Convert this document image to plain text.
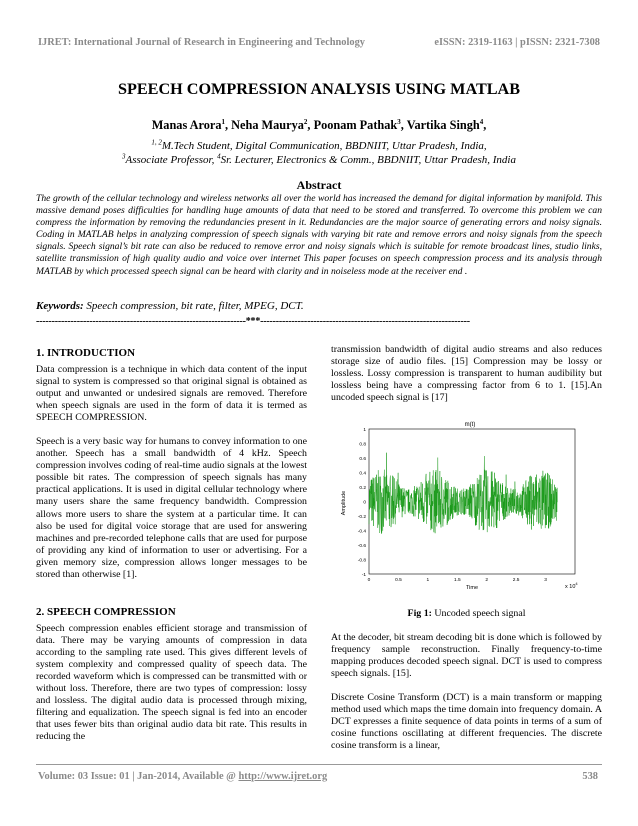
IJRET: International Journal of Research in Engineering and Technology	eISSN: 2319-1163 | pISSN: 2321-7308
SPEECH COMPRESSION ANALYSIS USING MATLAB
Manas Arora$^1$, Neha Maurya$^2$, Poonam Pathak$^3$, Vartika Singh$^4$,
$^{1, 2}$M.Tech Student, Digital Communication, BBDNIIT, Uttar Pradesh, India,
$^3$Associate Professor, $^4$Sr. Lecturer, Electronics & Comm., BBDNIIT, Uttar Pradesh, India
Abstract
The growth of the cellular technology and wireless networks all over the world has increased the demand for digital information by manifold. This massive demand poses difficulties for handling huge amounts of data that need to be stored and transferred. To overcome this problem we can compress the information by removing the redundancies present in it. Redundancies are the major source of generating errors and noisy signals. Coding in MATLAB helps in analyzing compression of speech signals with varying bit rate and remove errors and noisy signals from the speech signals. Speech signal’s bit rate can also be reduced to remove error and noisy signals which is suitable for remote broadcast lines, studio links, satellite transmission of high quality audio and voice over internet This paper focuses on speech compression process and its analysis through MATLAB by which processed speech signal can be heard with clarity and in noiseless mode at the receiver end .
Keywords: Speech compression, bit rate, filter, MPEG, DCT.
-------------------------------------------------------------------***-------------------------------------------------------------------
1. INTRODUCTION

Data compression is a technique in which data content of the input signal to system is compressed so that original signal is obtained as output and unwanted or undesired signals are removed. Therefore when speech signals are used in the form of data it is termed as SPEECH COMPRESSION.

Speech is a very basic way for humans to convey information to one another. Speech has a small bandwidth of 4 kHz. Speech compression involves coding of real-time audio signals at the lowest possible bit rates. The compression of speech signals has many practical applications. It is used in digital cellular technology where many users share the same frequency bandwidth. Compression allows more users to share the system at a particular time. It can also be used for digital voice storage that are used for answering machines and pre-recorded telephone calls that are used for purpose of providing any kind of information to user or advertising. For a given memory size, compression allows longer messages to be stored than otherwise [1].

2. SPEECH COMPRESSION

Speech compression enables efficient storage and transmission of data. There may be varying amounts of compression in data according to the sampling rate used. This gives different levels of system complexity and compressed quality of speech data. The recorded waveform which is compressed can be transmitted with or without loss. Therefore, there are two types of compression: lossy and lossless. The digital audio data is processed through mixing, filtering and equalization. The speech signal is fed into an encoder that uses fewer bits than original audio data bit rate. This results in reducing the

transmission bandwidth of digital audio streams and also reduces storage size of audio files. [15] Compression may be lossy or lossless. Lossy compression is transparent to human audibility but lossless being have a compressing factor from 6 to 1. [15].An uncoded speech signal is [17]

m(t)
1
0.8
0.6
0.4
0.2
0
-0.2
-0.4
-0.6
-0.8
-1
0	0.5	1	1.5	2	2.5	3
Amplitude
Time	x $10^4$
Fig 1: Uncoded speech signal

At the decoder, bit stream decoding bit is done which is followed by frequency sample reconstruction. Finally frequency-to-time mapping produces decoded speech signal. DCT is used to compress speech signals. [15].

Discrete Cosine Transform (DCT) is a main transform or mapping method used which maps the time domain into frequency domain. A DCT expresses a finite sequence of data points in terms of a sum of cosine functions oscillating at different frequencies. The discrete cosine transform is a linear,

Volume: 03 Issue: 01 | Jan-2014, Available @ http://www.ijret.org	538
